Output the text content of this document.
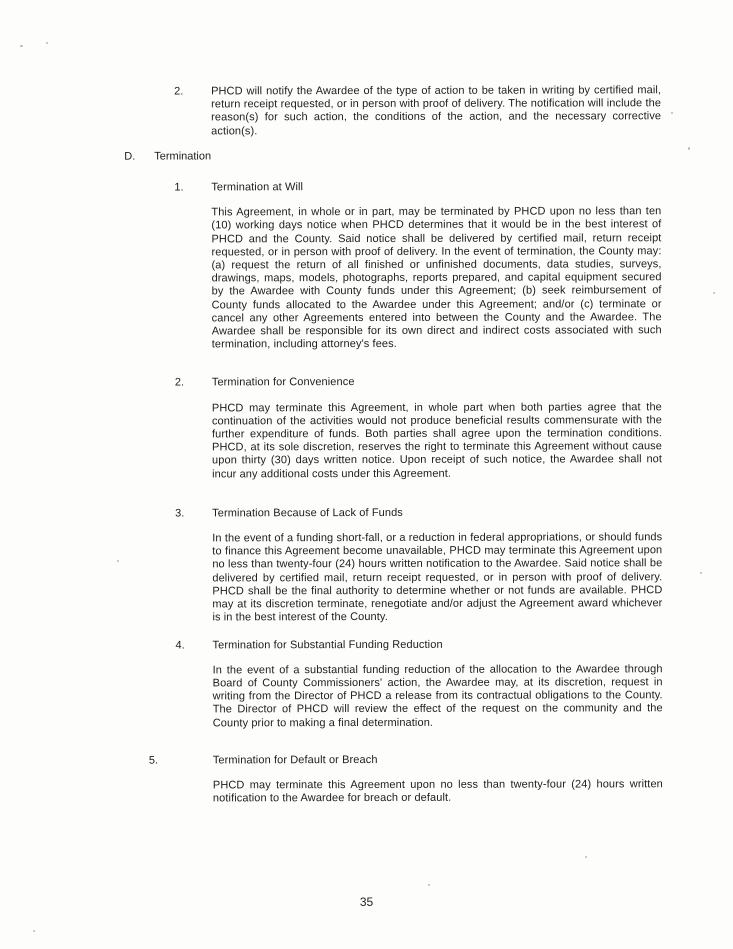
2.	PHCD will notify the Awardee of the type of action to be taken in writing by certified mail, return receipt requested, or in person with proof of delivery. The notification will include the reason(s) for such action, the conditions of the action, and the necessary corrective action(s).

D. Termination
1.	Termination at Will

This Agreement, in whole or in part, may be terminated by PHCD upon no less than ten (10) working days notice when PHCD determines that it would be in the best interest of PHCD and the County. Said notice shall be delivered by certified mail, return receipt requested, or in person with proof of delivery. In the event of termination, the County may: (a) request the return of all finished or unfinished documents, data studies, surveys, drawings, maps, models, photographs, reports prepared, and capital equipment secured by the Awardee with County funds under this Agreement; (b) seek reimbursement of County funds allocated to the Awardee under this Agreement; and/or (c) terminate or cancel any other Agreements entered into between the County and the Awardee. The Awardee shall be responsible for its own direct and indirect costs associated with such termination, including attorney's fees.

2.	Termination for Convenience

PHCD may terminate this Agreement, in whole part when both parties agree that the continuation of the activities would not produce beneficial results commensurate with the further expenditure of funds. Both parties shall agree upon the termination conditions. PHCD, at its sole discretion, reserves the right to terminate this Agreement without cause upon thirty (30) days written notice. Upon receipt of such notice, the Awardee shall not incur any additional costs under this Agreement.

3.	Termination Because of Lack of Funds

In the event of a funding short-fall, or a reduction in federal appropriations, or should funds to finance this Agreement become unavailable, PHCD may terminate this Agreement upon no less than twenty-four (24) hours written notification to the Awardee. Said notice shall be delivered by certified mail, return receipt requested, or in person with proof of delivery. PHCD shall be the final authority to determine whether or not funds are available. PHCD may at its discretion terminate, renegotiate and/or adjust the Agreement award whichever is in the best interest of the County.

4.	Termination for Substantial Funding Reduction

In the event of a substantial funding reduction of the allocation to the Awardee through Board of County Commissioners' action, the Awardee may, at its discretion, request in writing from the Director of PHCD a release from its contractual obligations to the County. The Director of PHCD will review the effect of the request on the community and the County prior to making a final determination.

5.	Termination for Default or Breach

PHCD may terminate this Agreement upon no less than twenty-four (24) hours written notification to the Awardee for breach or default.

35
